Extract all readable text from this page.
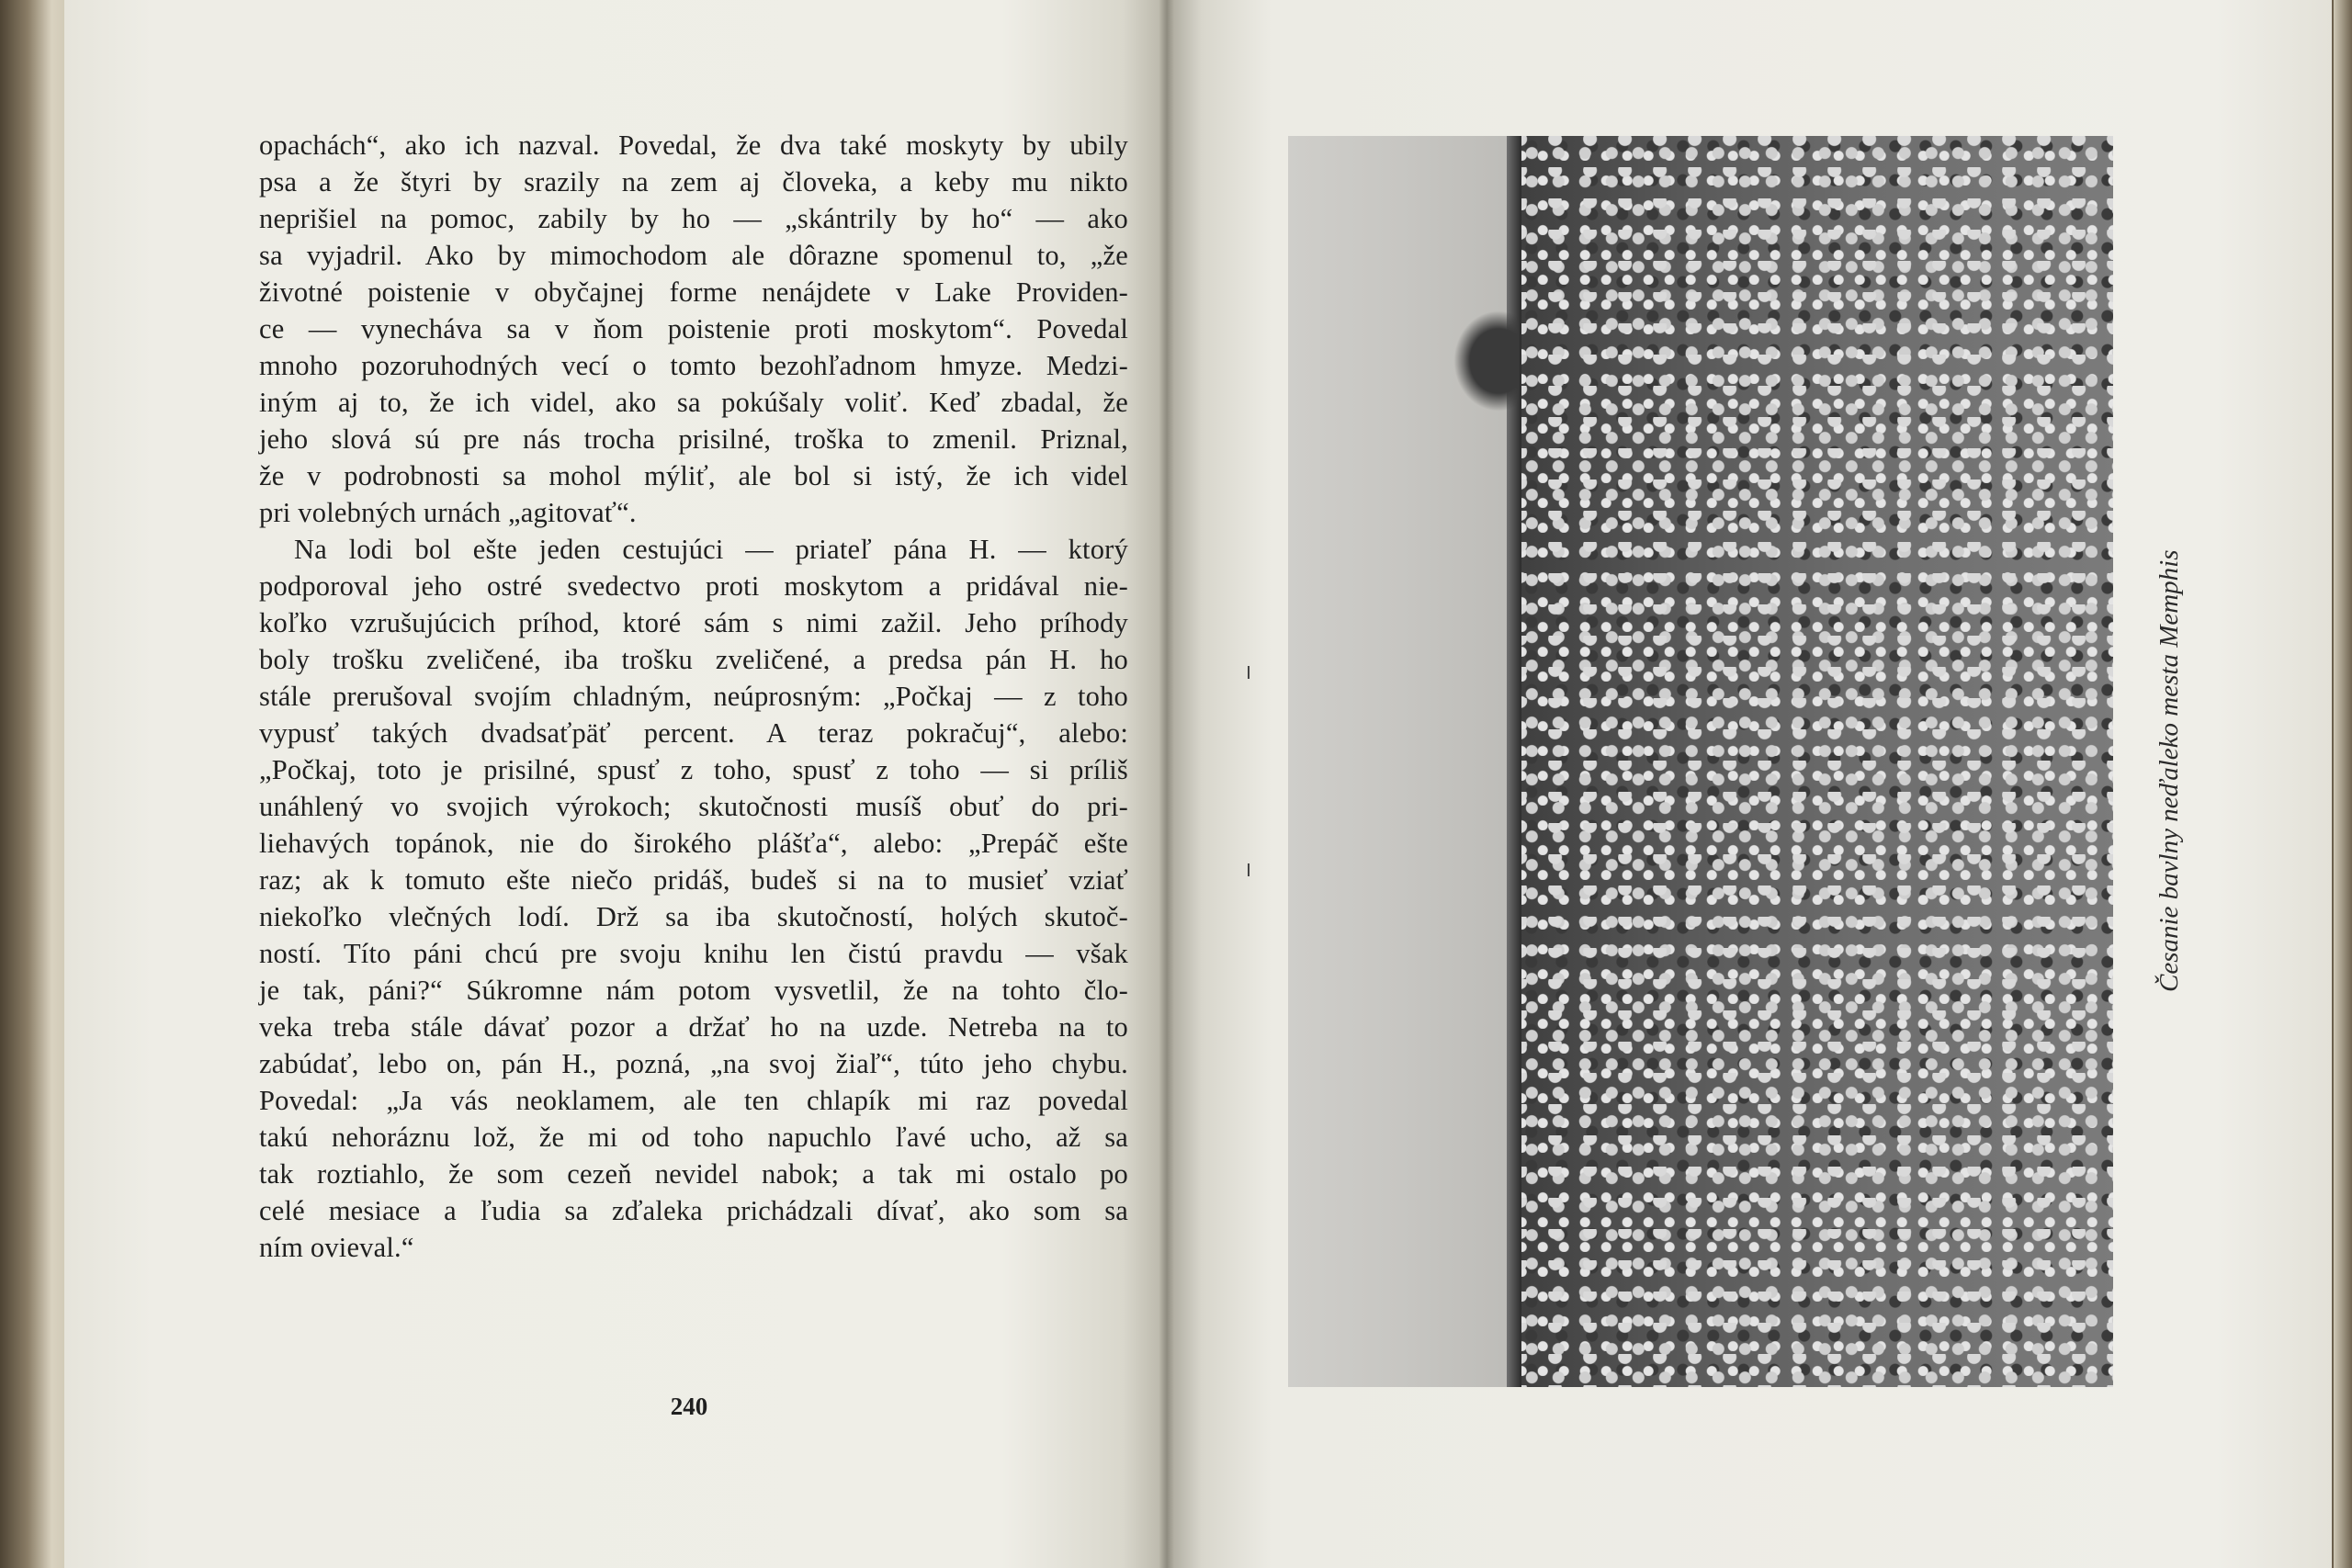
opachách“, ako ich nazval. Povedal, že dva také moskyty by ubily
psa a že štyri by srazily na zem aj človeka, a keby mu nikto
neprišiel na pomoc, zabily by ho — „skántrily by ho“ — ako
sa vyjadril. Ako by mimochodom ale dôrazne spomenul to, „že
životné poistenie v obyčajnej forme nenájdete v Lake Providen-
ce — vynecháva sa v ňom poistenie proti moskytom“. Povedal
mnoho pozoruhodných vecí o tomto bezohľadnom hmyze. Medzi-
iným aj to, že ich videl, ako sa pokúšaly voliť. Keď zbadal, že
jeho slová sú pre nás trocha prisilné, troška to zmenil. Priznal,
že v podrobnosti sa mohol mýliť, ale bol si istý, že ich videl
pri volebných urnách „agitovať“.
Na lodi bol ešte jeden cestujúci — priateľ pána H. — ktorý
podporoval jeho ostré svedectvo proti moskytom a pridával nie-
koľko vzrušujúcich príhod, ktoré sám s nimi zažil. Jeho príhody
boly trošku zveličené, iba trošku zveličené, a predsa pán H. ho
stále prerušoval svojím chladným, neúprosným: „Počkaj — z toho
vypusť takých dvadsaťpäť percent. A teraz pokračuj“, alebo:
„Počkaj, toto je prisilné, spusť z toho, spusť z toho — si príliš
unáhlený vo svojich výrokoch; skutočnosti musíš obuť do pri-
liehavých topánok, nie do širokého plášťa“, alebo: „Prepáč ešte
raz; ak k tomuto ešte niečo pridáš, budeš si na to musieť vziať
niekoľko vlečných lodí. Drž sa iba skutočností, holých skutoč-
ností. Títo páni chcú pre svoju knihu len čistú pravdu — však
je tak, páni?“ Súkromne nám potom vysvetlil, že na tohto člo-
veka treba stále dávať pozor a držať ho na uzde. Netreba na to
zabúdať, lebo on, pán H., pozná, „na svoj žiaľ“, túto jeho chybu.
Povedal: „Ja vás neoklamem, ale ten chlapík mi raz povedal
takú nehoráznu lož, že mi od toho napuchlo ľavé ucho, až sa
tak roztiahlo, že som cezeň nevidel nabok; a tak mi ostalo po
celé mesiace a ľudia sa zďaleka prichádzali dívať, ako som sa
ním ovieval.“
240
Česanie bavlny neďaleko mesta Memphis
